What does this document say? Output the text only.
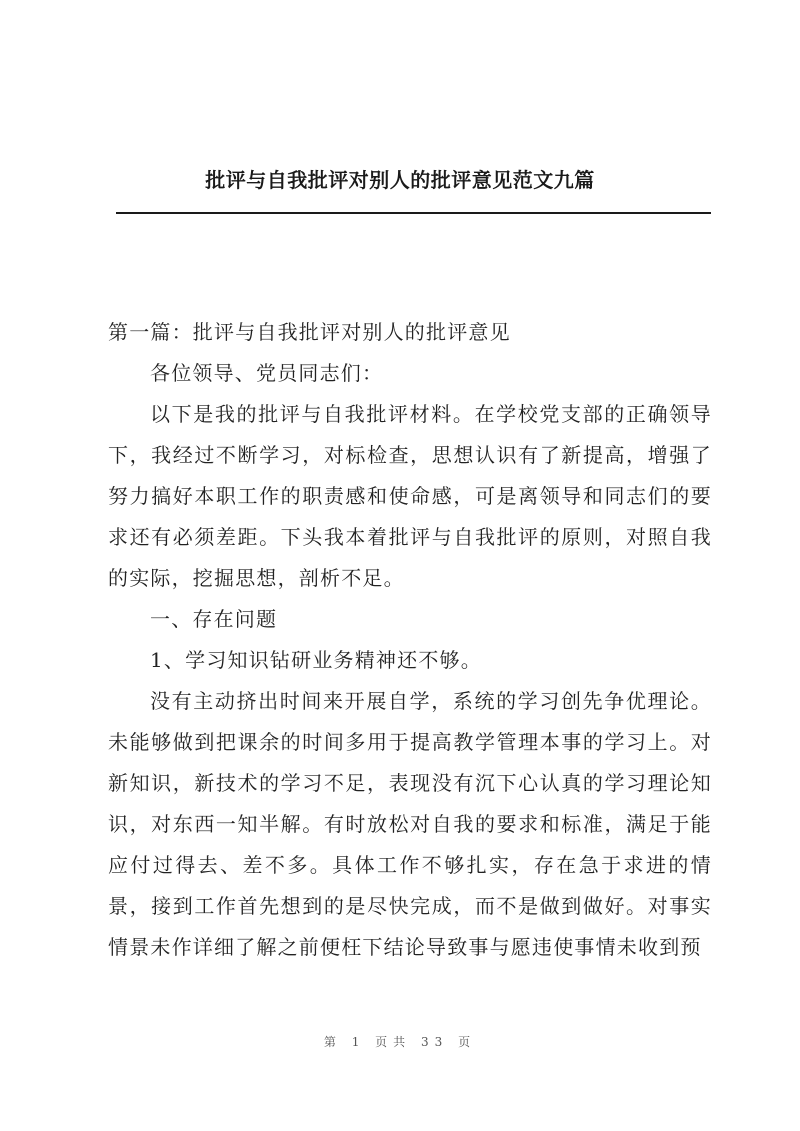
批评与自我批评对别人的批评意见范文九篇

第一篇：批评与自我批评对别人的批评意见

各位领导、党员同志们：

以下是我的批评与自我批评材料。在学校党支部的正确领导下，我经过不断学习，对标检查，思想认识有了新提高，增强了努力搞好本职工作的职责感和使命感，可是离领导和同志们的要求还有必须差距。下头我本着批评与自我批评的原则，对照自我的实际，挖掘思想，剖析不足。

一、存在问题

1、学习知识钻研业务精神还不够。

没有主动挤出时间来开展自学，系统的学习创先争优理论。未能够做到把课余的时间多用于提高教学管理本事的学习上。对新知识，新技术的学习不足，表现没有沉下心认真的学习理论知识，对东西一知半解。有时放松对自我的要求和标准，满足于能应付过得去、差不多。具体工作不够扎实，存在急于求进的情景，接到工作首先想到的是尽快完成，而不是做到做好。对事实情景未作详细了解之前便枉下结论导致事与愿违使事情未收到预

第 1 页共 33 页
